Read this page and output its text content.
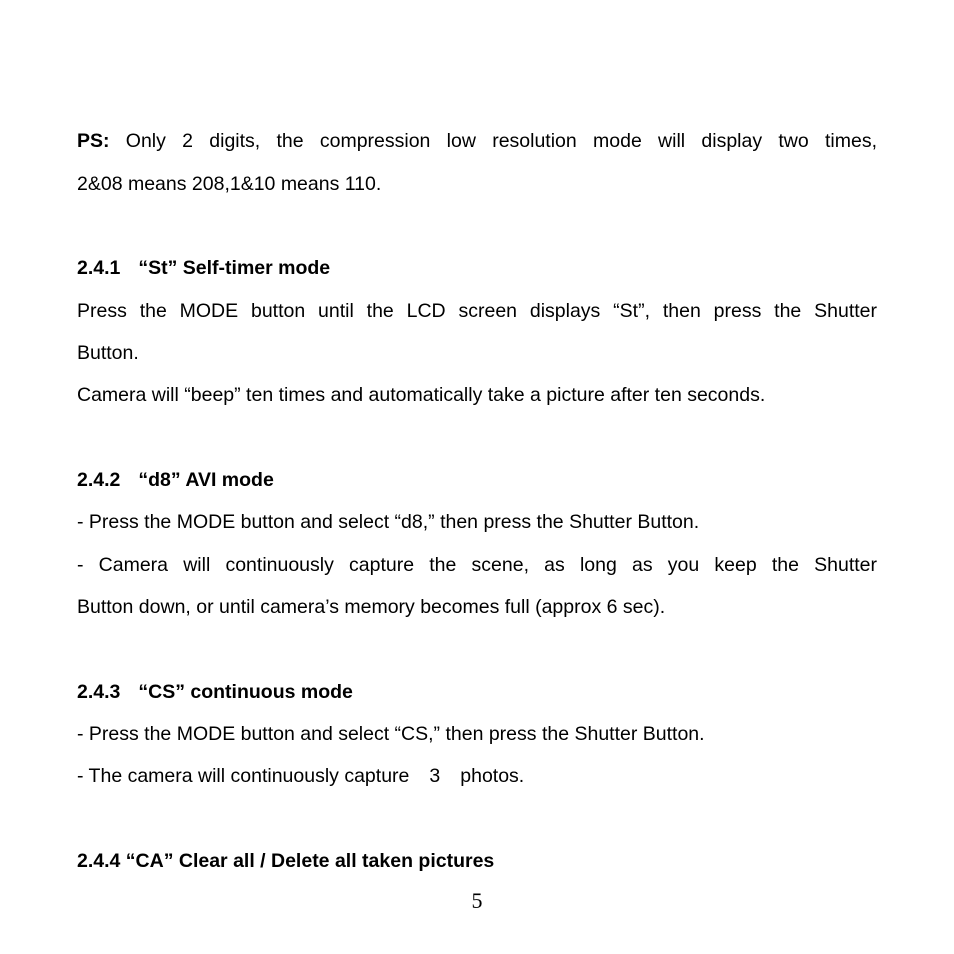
PS: Only 2 digits, the compression low resolution mode will display two times,
2&08 means 208,1&10 means 110.
2.4.1 “St” Self-timer mode
Press the MODE button until the LCD screen displays “St”, then press the Shutter
Button.
Camera will “beep” ten times and automatically take a picture after ten seconds.
2.4.2 “d8” AVI mode
- Press the MODE button and select “d8,” then press the Shutter Button.
- Camera will continuously capture the scene, as long as you keep the Shutter
Button down, or until camera’s memory becomes full (approx 6 sec).
2.4.3 “CS” continuous mode
- Press the MODE button and select “CS,” then press the Shutter Button.
- The camera will continuously capture 3 photos.
2.4.4 “CA” Clear all / Delete all taken pictures
5
